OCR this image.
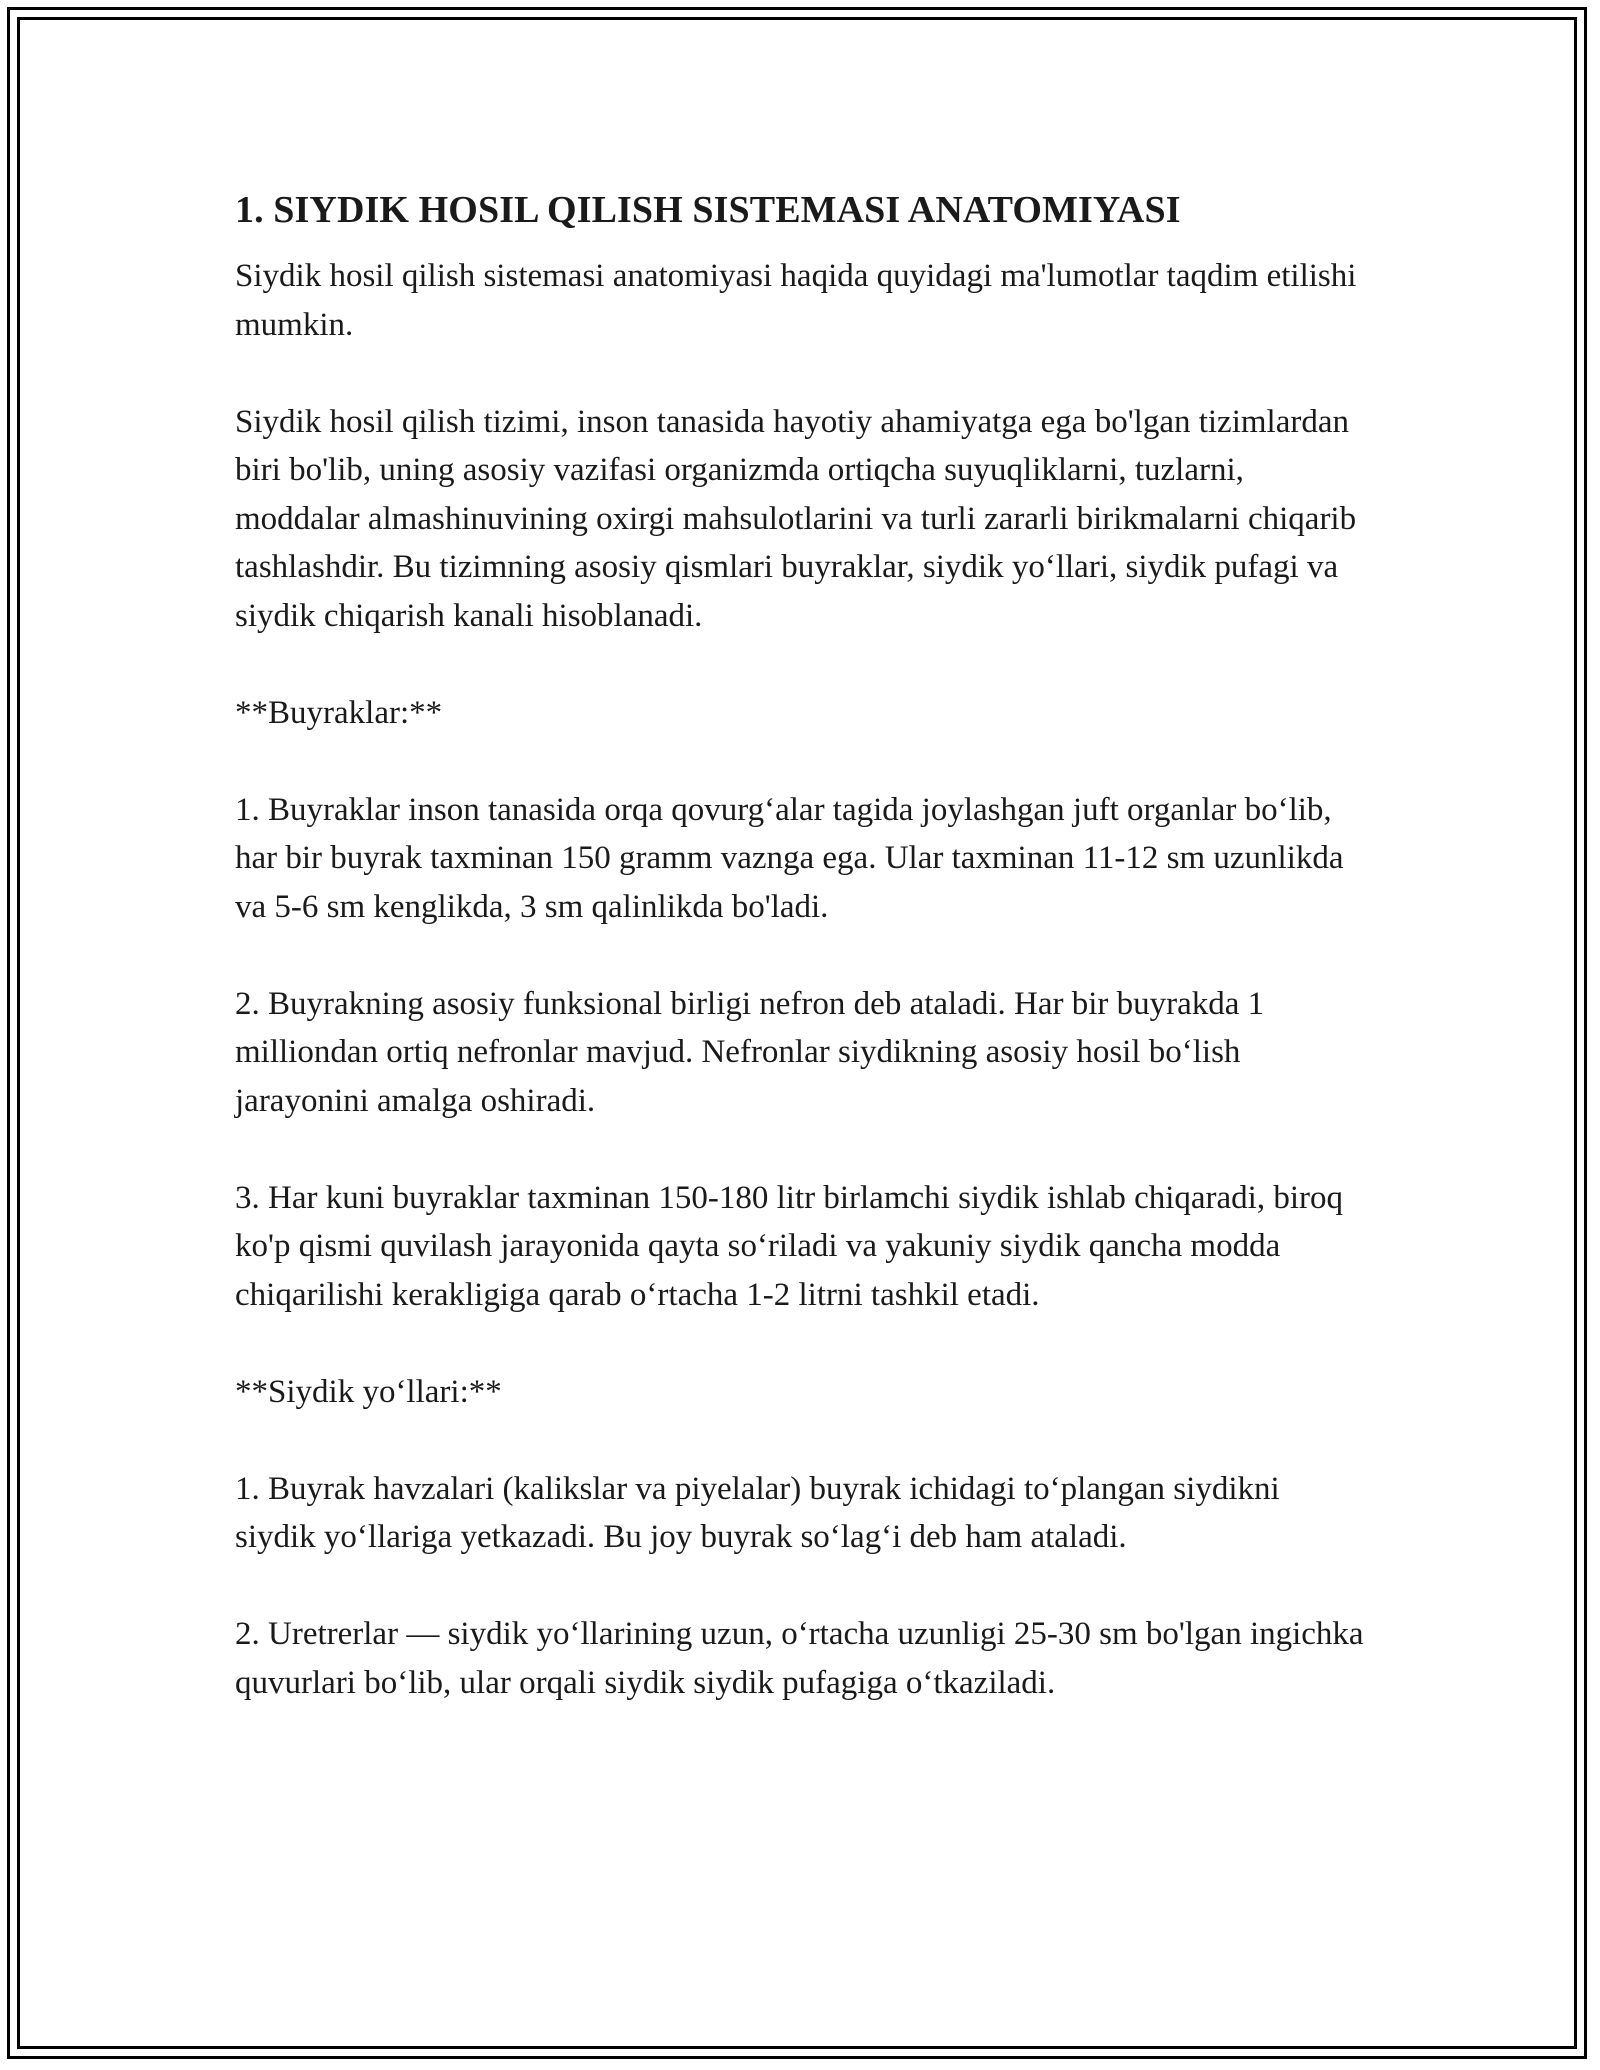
1. SIYDIK HOSIL QILISH SISTEMASI ANATOMIYASI

Siydik hosil qilish sistemasi anatomiyasi haqida quyidagi ma'lumotlar taqdim etilishi mumkin.

Siydik hosil qilish tizimi, inson tanasida hayotiy ahamiyatga ega bo'lgan tizimlardan biri bo'lib, uning asosiy vazifasi organizmda ortiqcha suyuqliklarni, tuzlarni, moddalar almashinuvining oxirgi mahsulotlarini va turli zararli birikmalarni chiqarib tashlashdir. Bu tizimning asosiy qismlari buyraklar, siydik yo‘llari, siydik pufagi va siydik chiqarish kanali hisoblanadi.

**Buyraklar:**

1. Buyraklar inson tanasida orqa qovurg‘alar tagida joylashgan juft organlar bo‘lib, har bir buyrak taxminan 150 gramm vaznga ega. Ular taxminan 11-12 sm uzunlikda va 5-6 sm kenglikda, 3 sm qalinlikda bo'ladi.

2. Buyrakning asosiy funksional birligi nefron deb ataladi. Har bir buyrakda 1 milliondan ortiq nefronlar mavjud. Nefronlar siydikning asosiy hosil bo‘lish jarayonini amalga oshiradi.

3. Har kuni buyraklar taxminan 150-180 litr birlamchi siydik ishlab chiqaradi, biroq ko'p qismi quvilash jarayonida qayta so‘riladi va yakuniy siydik qancha modda chiqarilishi kerakligiga qarab o‘rtacha 1-2 litrni tashkil etadi.

**Siydik yo‘llari:**

1. Buyrak havzalari (kalikslar va piyelalar) buyrak ichidagi to‘plangan siydikni siydik yo‘llariga yetkazadi. Bu joy buyrak so‘lag‘i deb ham ataladi.

2. Uretrerlar — siydik yo‘llarining uzun, o‘rtacha uzunligi 25-30 sm bo'lgan ingichka quvurlari bo‘lib, ular orqali siydik siydik pufagiga o‘tkaziladi.
